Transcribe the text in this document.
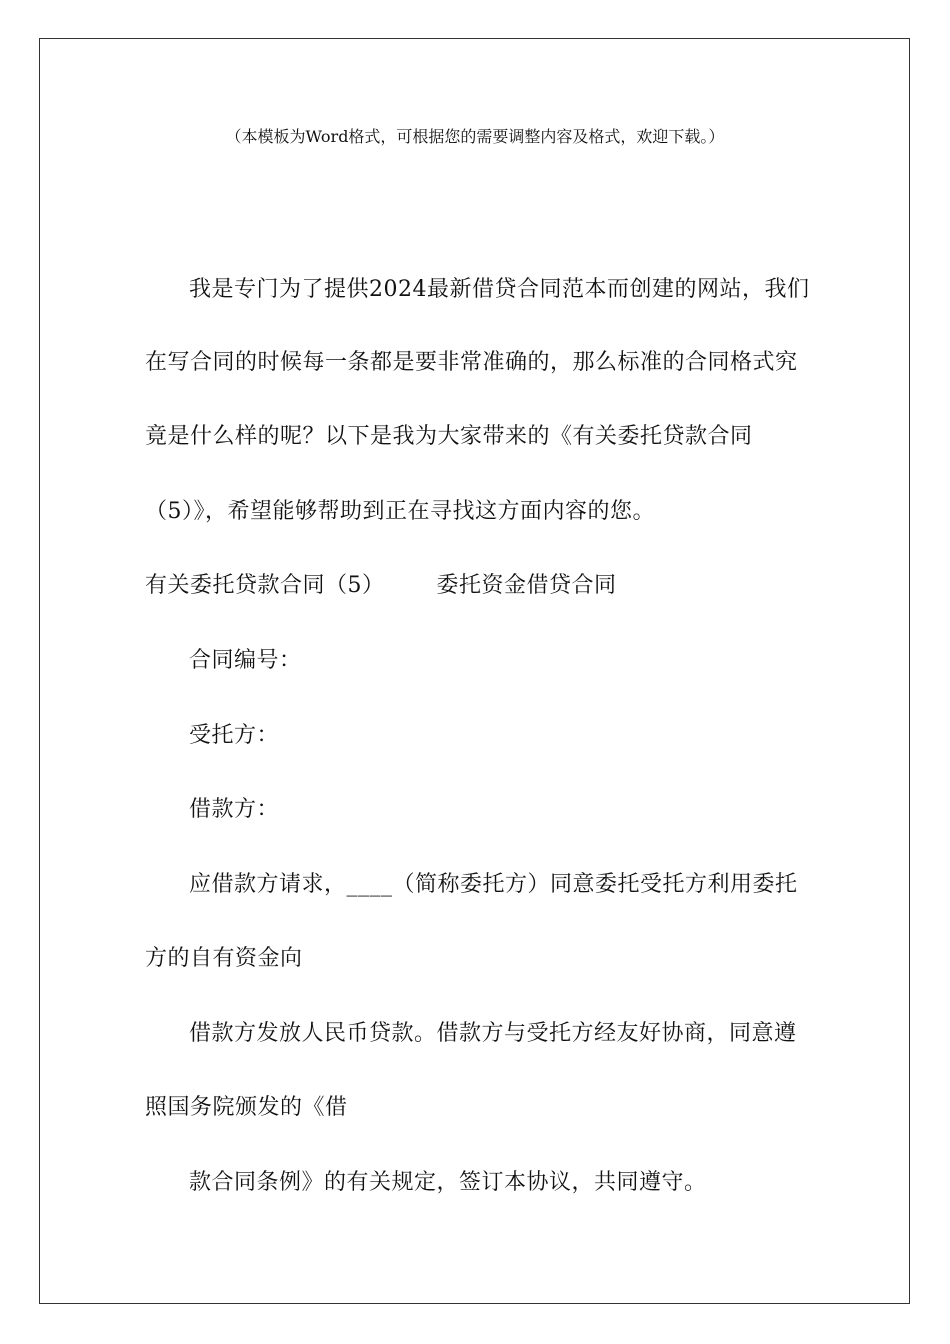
（本模板为Word格式，可根据您的需要调整内容及格式，欢迎下载。）
我是专门为了提供2024最新借贷合同范本而创建的网站，我们
在写合同的时候每一条都是要非常准确的，那么标准的合同格式究
竟是什么样的呢？以下是我为大家带来的《有关委托贷款合同
（5）》，希望能够帮助到正在寻找这方面内容的您。
有关委托贷款合同（5） 委托资金借贷合同
合同编号：
受托方：
借款方：
应借款方请求，____（简称委托方）同意委托受托方利用委托
方的自有资金向
借款方发放人民币贷款。借款方与受托方经友好协商，同意遵
照国务院颁发的《借
款合同条例》的有关规定，签订本协议，共同遵守。
